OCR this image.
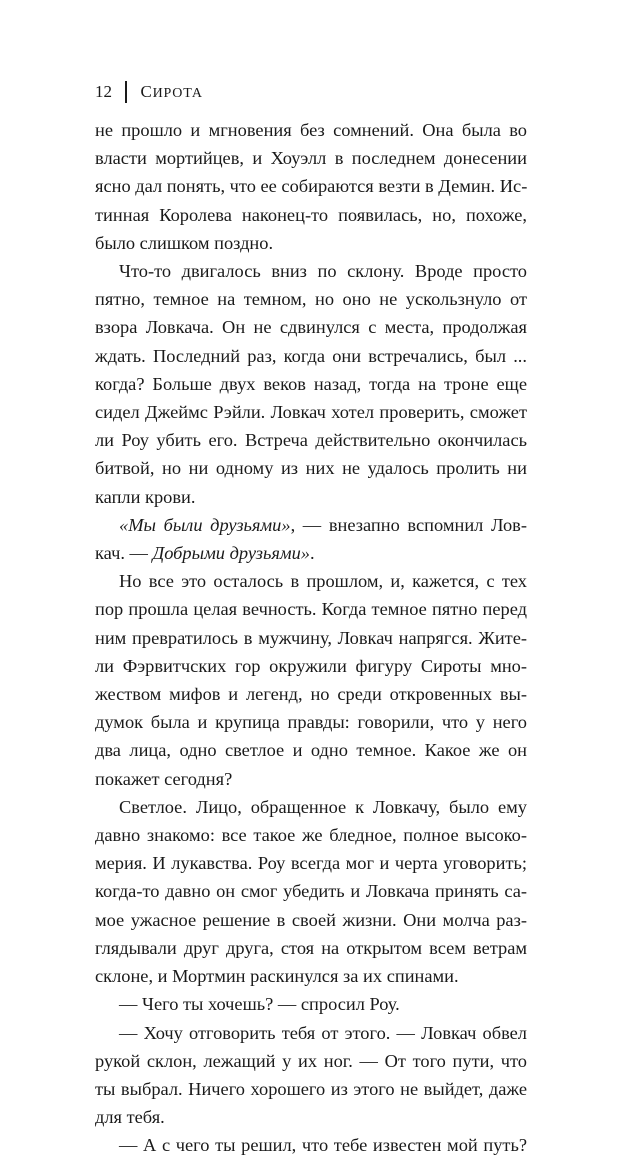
12 СИРОТА

не прошло и мгновения без сомнений. Она была во

власти мортийцев, и Хоуэлл в последнем донесении

ясно дал понять, что ее собираются везти в Демин. Ис-

тинная Королева наконец-то появилась, но, похоже,

было слишком поздно.

Что-то двигалось вниз по склону. Вроде просто

пятно, темное на темном, но оно не ускользнуло от

взора Ловкача. Он не сдвинулся с места, продолжая

ждать. Последний раз, когда они встречались, был ...

когда? Больше двух веков назад, тогда на троне еще

сидел Джеймс Рэйли. Ловкач хотел проверить, сможет

ли Роу убить его. Встреча действительно окончилась

битвой, но ни одному из них не удалось пролить ни

капли крови.

«Мы были друзьями», — внезапно вспомнил Лов-

кач. — Добрыми друзьями».

Но все это осталось в прошлом, и, кажется, с тех

пор прошла целая вечность. Когда темное пятно перед

ним превратилось в мужчину, Ловкач напрягся. Жите-

ли Фэрвитчских гор окружили фигуру Сироты мно-

жеством мифов и легенд, но среди откровенных вы-

думок была и крупица правды: говорили, что у него

два лица, одно светлое и одно темное. Какое же он

покажет сегодня?

Светлое. Лицо, обращенное к Ловкачу, было ему

давно знакомо: все такое же бледное, полное высоко-

мерия. И лукавства. Роу всегда мог и черта уговорить;

когда-то давно он смог убедить и Ловкача принять са-

мое ужасное решение в своей жизни. Они молча раз-

глядывали друг друга, стоя на открытом всем ветрам

склоне, и Мортмин раскинулся за их спинами.

— Чего ты хочешь? — спросил Роу.

— Хочу отговорить тебя от этого. — Ловкач обвел

рукой склон, лежащий у их ног. — От того пути, что

ты выбрал. Ничего хорошего из этого не выйдет, даже

для тебя.

— А с чего ты решил, что тебе известен мой путь?
